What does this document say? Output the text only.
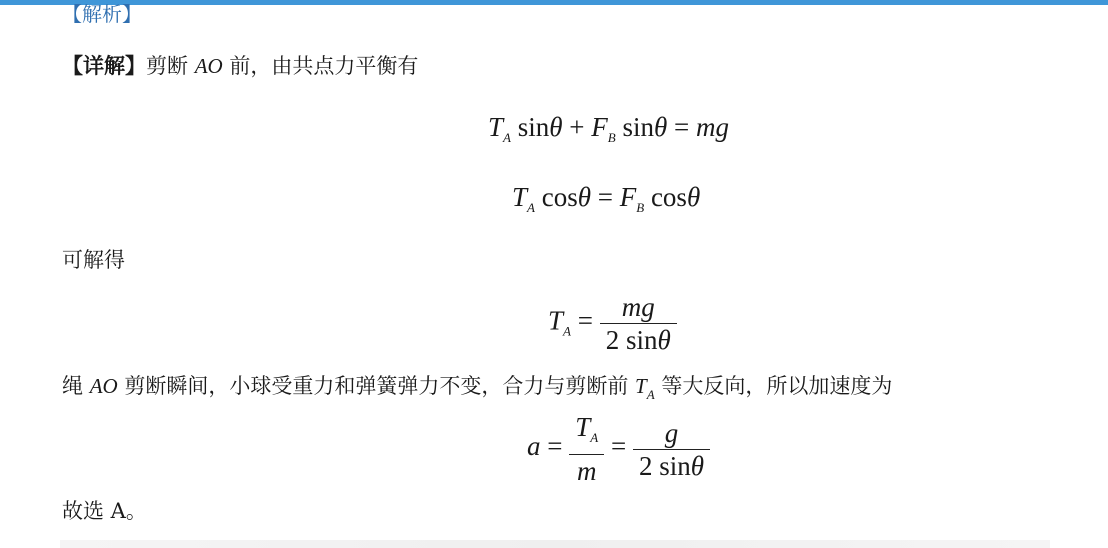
【解析】
【详解】剪断 AO 前，由共点力平衡有
$T_A$ $\sin\theta + F_B$ sinθ = mg
$T_A$ $\cos\theta = F_B$ cosθ
可解得
$T_A = \frac{mg}{2 \sin\theta}$
绳 AO 剪断瞬间，小球受重力和弹簧弹力不变，合力与剪断前 $T_A$ 等大反向，所以加速度为
$a = \frac{T_A}{m} = \frac{g}{2 \sin\theta}$
故选 A。
